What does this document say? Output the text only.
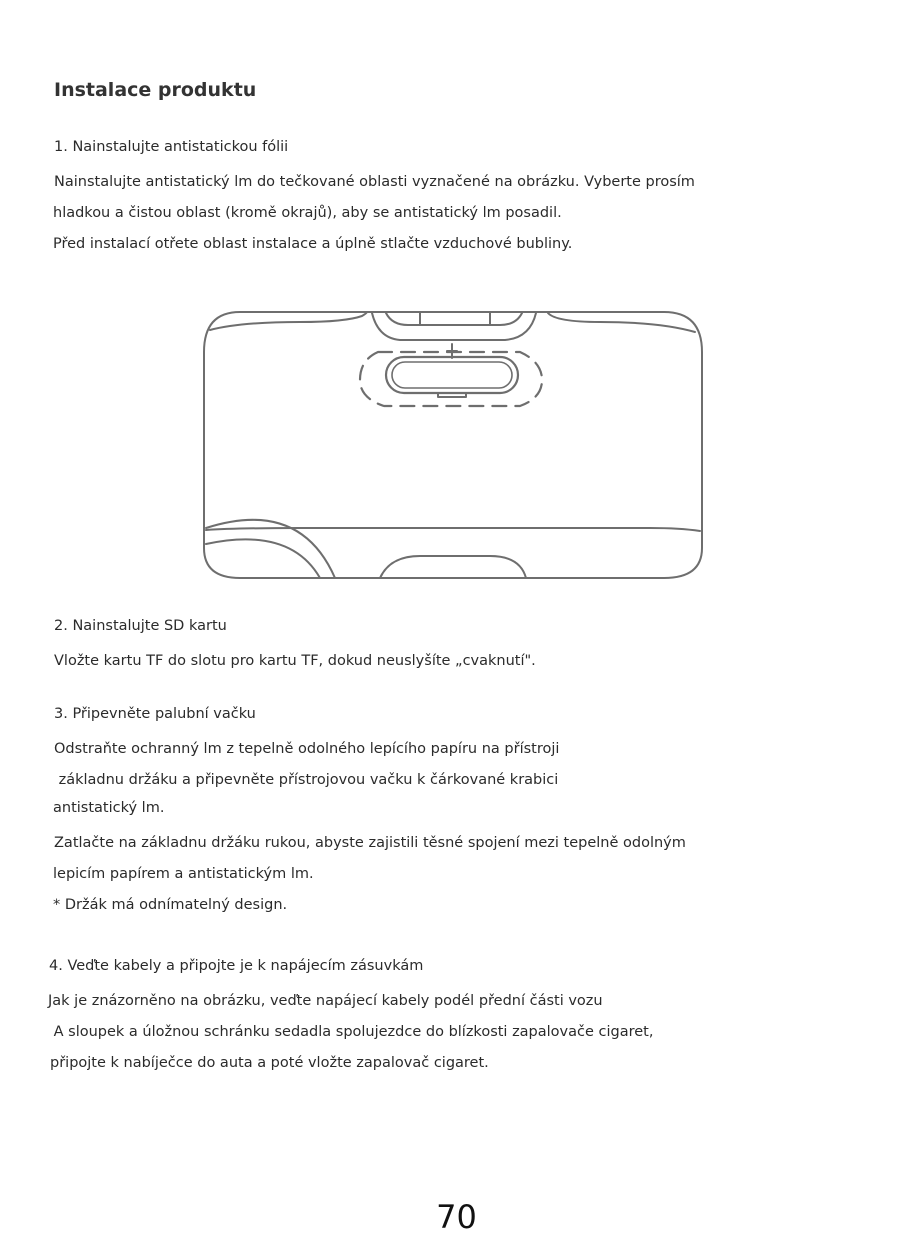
Instalace produktu

1. Nainstalujte antistatickou fólii

Nainstalujte antistatický lm do tečkované oblasti vyznačené na obrázku. Vyberte prosím

hladkou a čistou oblast (kromě okrajů), aby se antistatický lm posadil.

Před instalací otřete oblast instalace a úplně stlačte vzduchové bubliny.

2. Nainstalujte SD kartu

Vložte kartu TF do slotu pro kartu TF, dokud neuslyšíte „cvaknutí".

3. Připevněte palubní vačku

Odstraňte ochranný lm z tepelně odolného lepícího papíru na přístroji

základnu držáku a připevněte přístrojovou vačku k čárkované krabici

antistatický lm.

Zatlačte na základnu držáku rukou, abyste zajistili těsné spojení mezi tepelně odolným

lepicím papírem a antistatickým lm.

* Držák má odnímatelný design.

4. Veďte kabely a připojte je k napájecím zásuvkám

Jak je znázorněno na obrázku, veďte napájecí kabely podél přední části vozu

A sloupek a úložnou schránku sedadla spolujezdce do blízkosti zapalovače cigaret,

připojte k nabíječce do auta a poté vložte zapalovač cigaret.

70
